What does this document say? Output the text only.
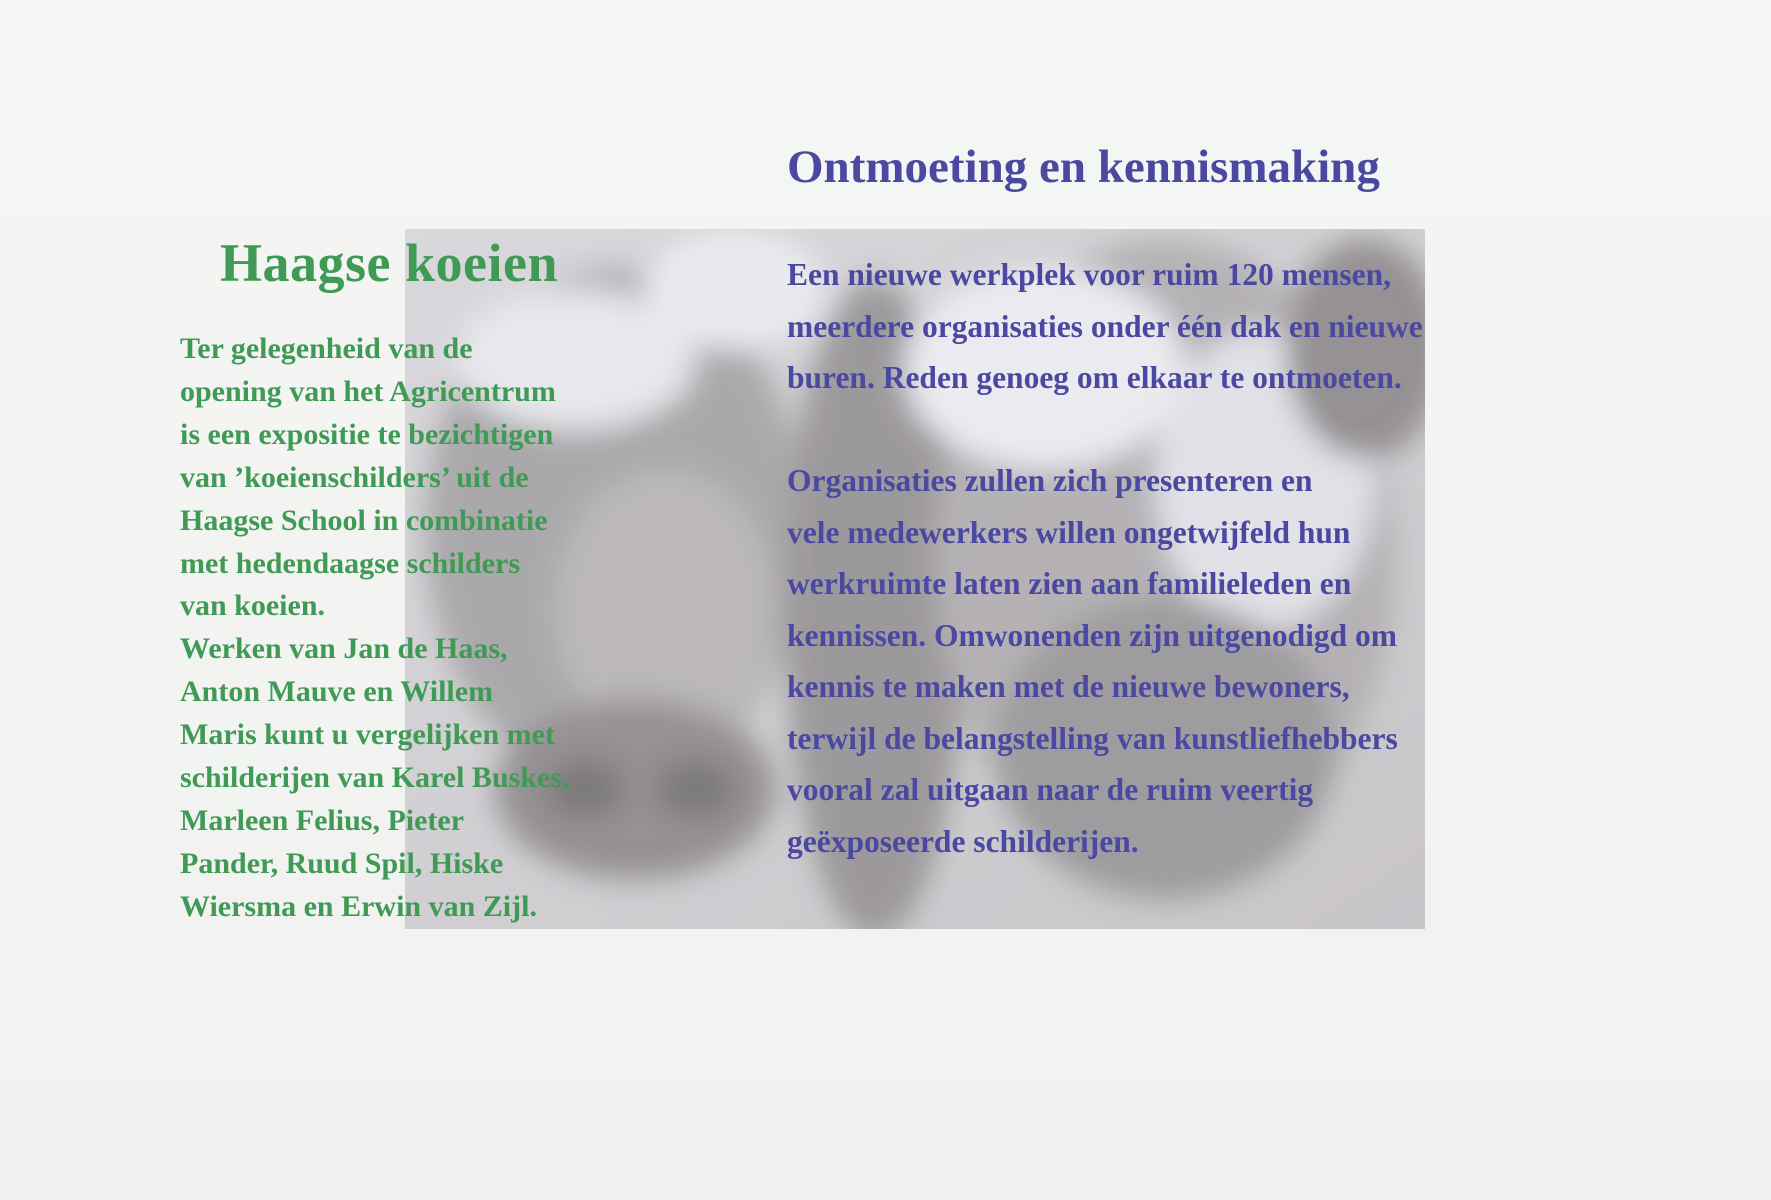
Haagse koeien
Ter gelegenheid van de
opening van het Agricentrum
is een expositie te bezichtigen
van ’koeienschilders’ uit de
Haagse School in combinatie
met hedendaagse schilders
van koeien.
Werken van Jan de Haas,
Anton Mauve en Willem
Maris kunt u vergelijken met
schilderijen van Karel Buskes,
Marleen Felius, Pieter
Pander, Ruud Spil, Hiske
Wiersma en Erwin van Zijl.
Ontmoeting en kennismaking
Een nieuwe werkplek voor ruim 120 mensen,
meerdere organisaties onder één dak en nieuwe
buren. Reden genoeg om elkaar te ontmoeten.
Organisaties zullen zich presenteren en
vele medewerkers willen ongetwijfeld hun
werkruimte laten zien aan familieleden en
kennissen. Omwonenden zijn uitgenodigd om
kennis te maken met de nieuwe bewoners,
terwijl de belangstelling van kunstliefhebbers
vooral zal uitgaan naar de ruim veertig
geëxposeerde schilderijen.
